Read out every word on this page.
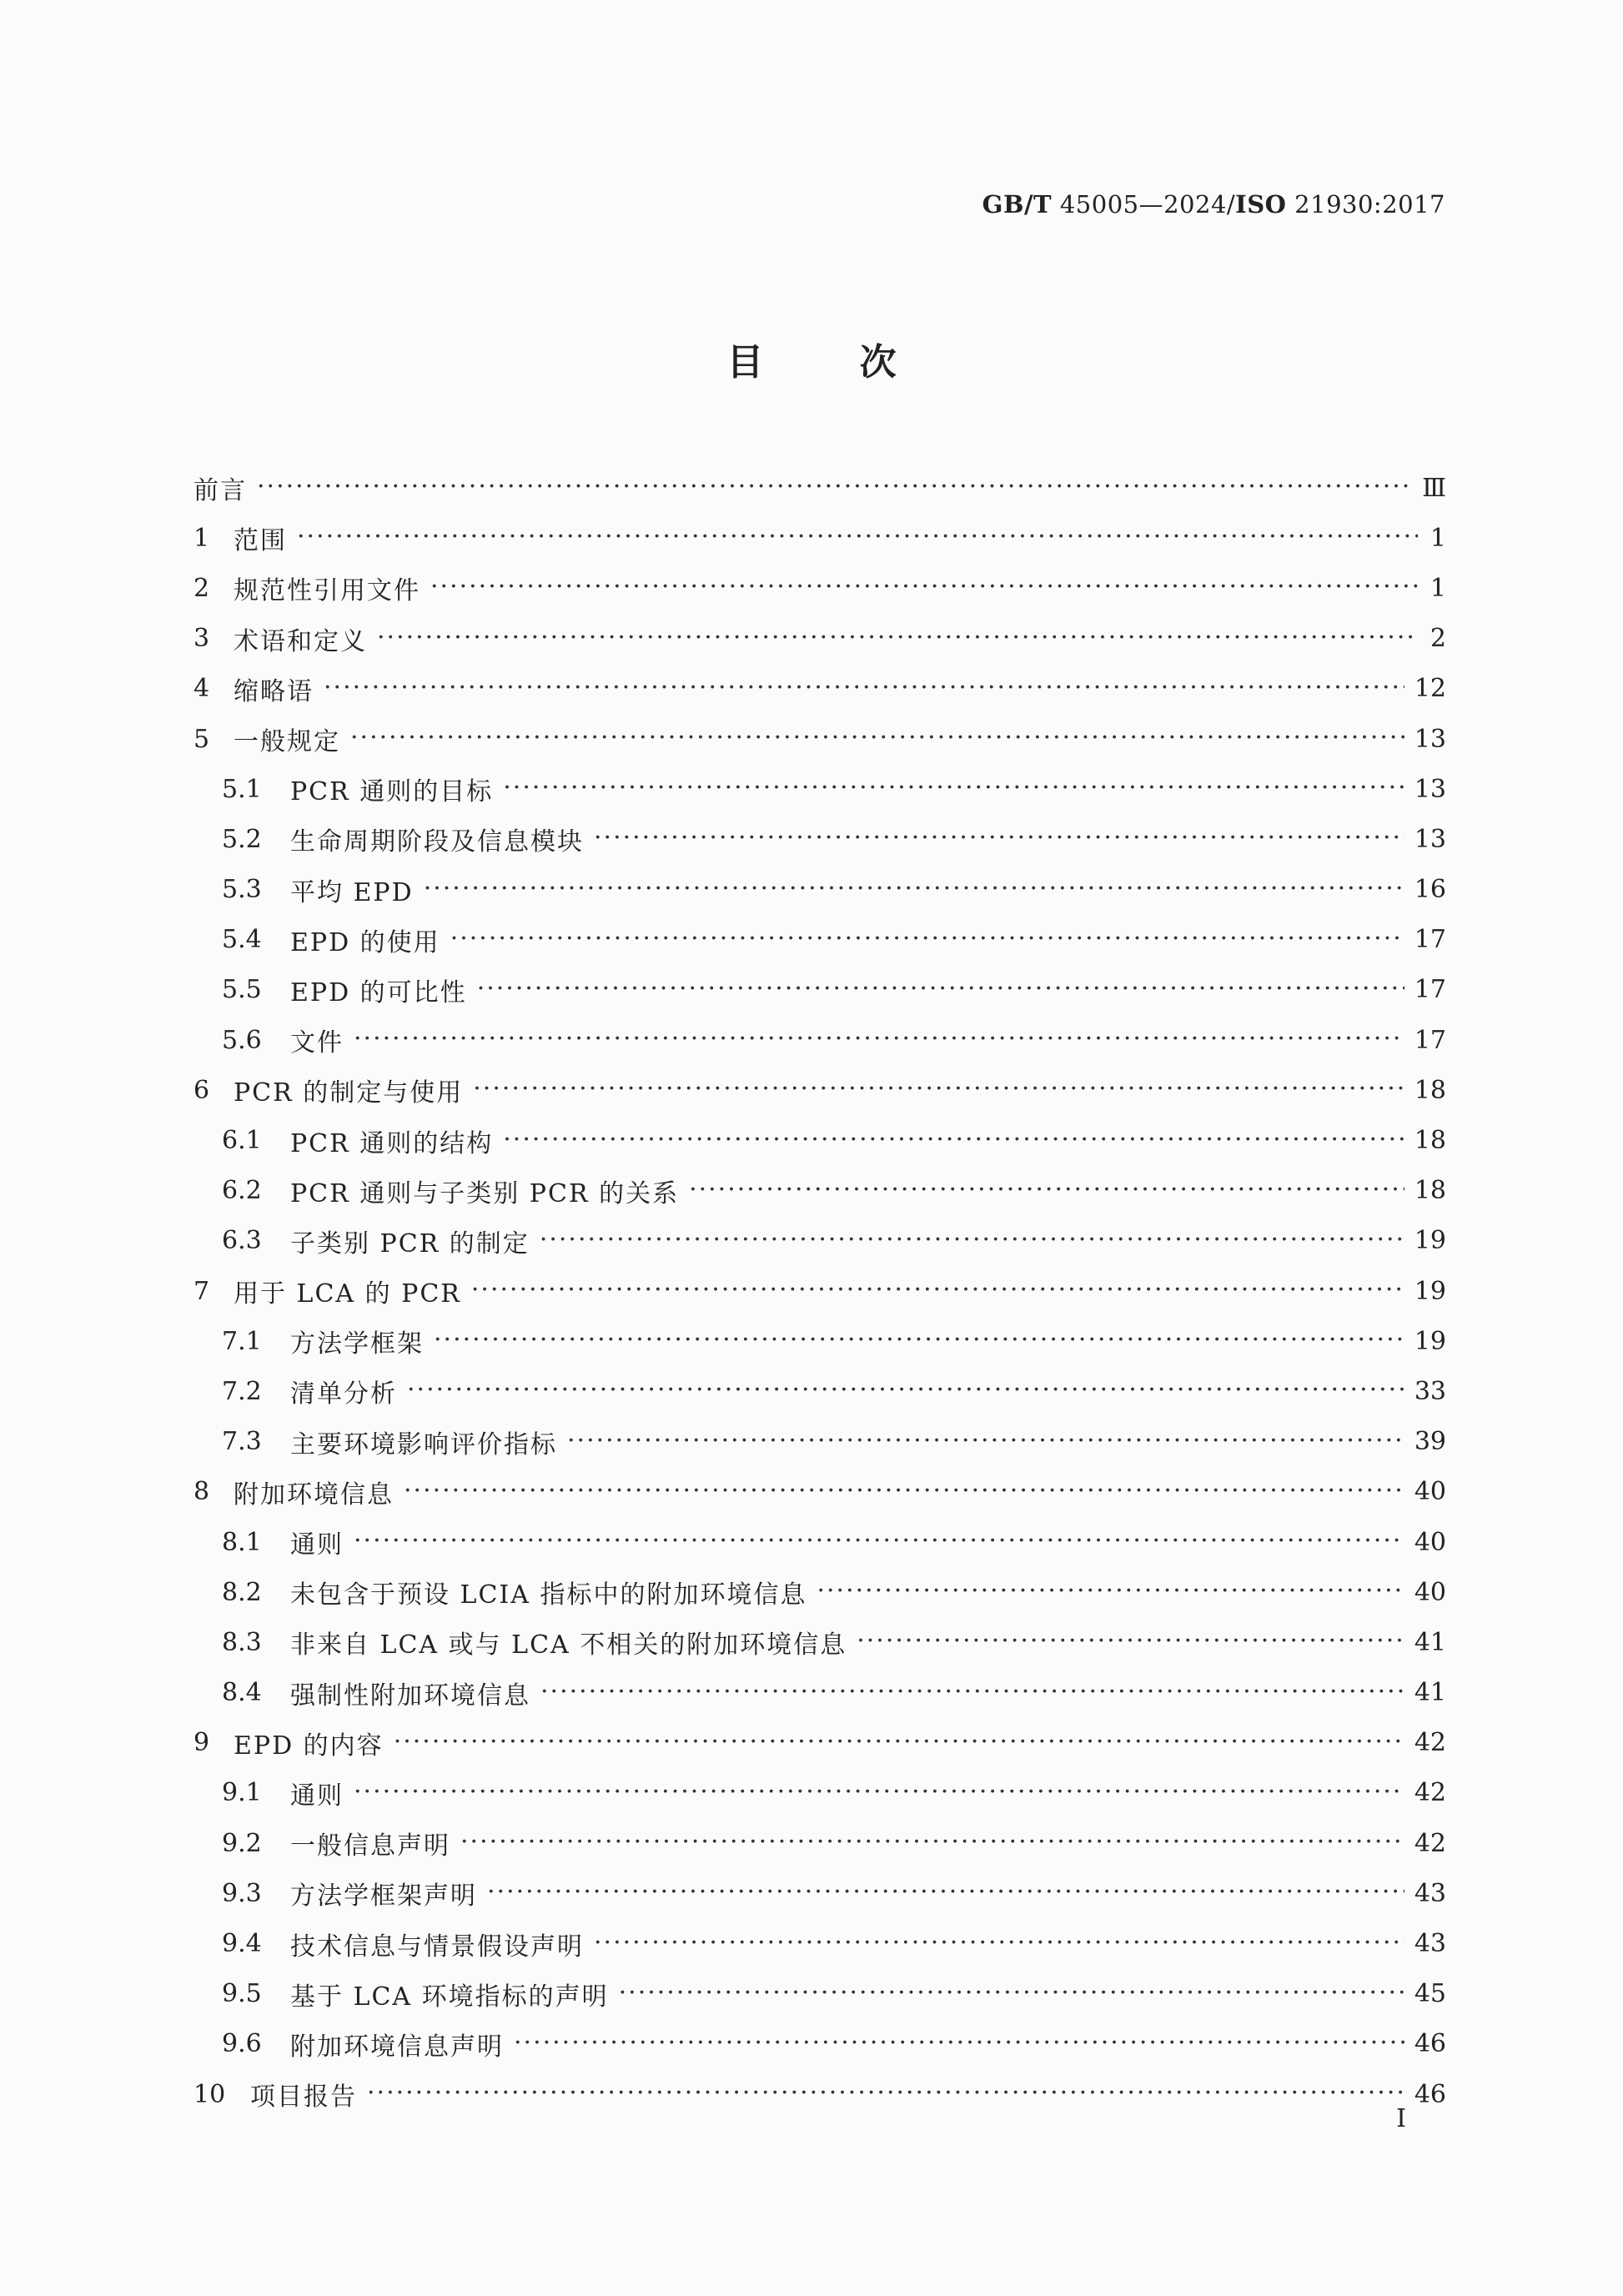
GB/T 45005—2024/ISO 21930:2017
目 次
前言 ·····	Ⅲ
1 范围 ·····	1
2 规范性引用文件 ·····	1
3 术语和定义 ·····	2
4 缩略语 ·····	12
5 一般规定 ·····	13
5.1	PCR 通则的目标 ·····	13
5.2	生命周期阶段及信息模块 ·····	13
5.3	平均 EPD ·····	16
5.4	EPD 的使用 ·····	17
5.5	EPD 的可比性 ·····	17
5.6	文件 ·····	17
6 PCR 的制定与使用 ·····	18
6.1	PCR 通则的结构 ·····	18
6.2	PCR 通则与子类别 PCR 的关系 ·····	18
6.3	子类别 PCR 的制定 ·····	19
7 用于 LCA 的 PCR ·····	19
7.1	方法学框架 ·····	19
7.2	清单分析 ·····	33
7.3	主要环境影响评价指标 ·····	39
8 附加环境信息 ·····	40
8.1	通则 ·····	40
8.2	未包含于预设 LCIA 指标中的附加环境信息 ·····	40
8.3	非来自 LCA 或与 LCA 不相关的附加环境信息 ·····	41
8.4	强制性附加环境信息 ·····	41
9 EPD 的内容 ·····	42
9.1	通则 ·····	42
9.2	一般信息声明 ·····	42
9.3	方法学框架声明 ·····	43
9.4	技术信息与情景假设声明 ·····	43
9.5	基于 LCA 环境指标的声明 ·····	45
9.6	附加环境信息声明 ·····	46
10 项目报告 ·····	46
I
